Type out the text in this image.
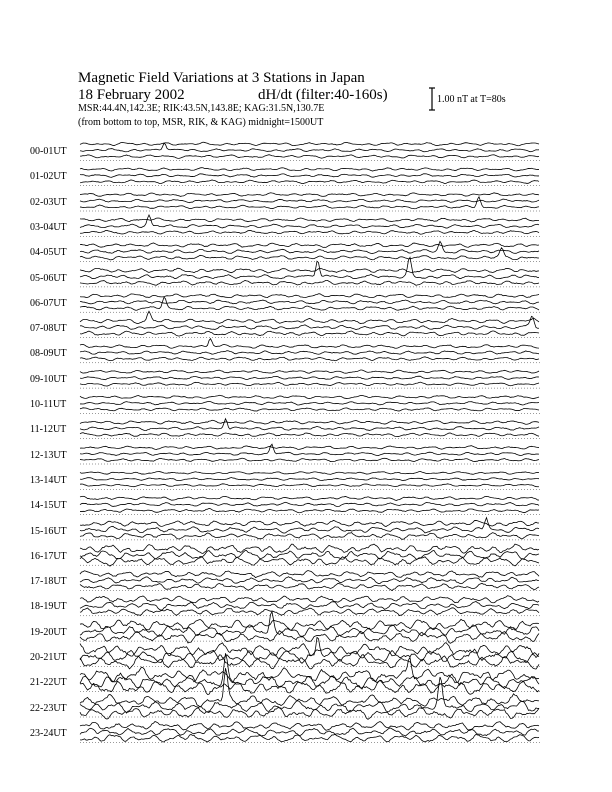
Magnetic Field Variations at 3 Stations in Japan
18 February 2002	dH/dt (filter:40-160s)
MSR:44.4N,142.3E; RIK:43.5N,143.8E; KAG:31.5N,130.7E
(from bottom to top, MSR, RIK, & KAG) midnight=1500UT
1.00 nT at T=80s
00-01UT
01-02UT
02-03UT
03-04UT
04-05UT
05-06UT
06-07UT
07-08UT
08-09UT
09-10UT
10-11UT
11-12UT
12-13UT
13-14UT
14-15UT
15-16UT
16-17UT
17-18UT
18-19UT
19-20UT
20-21UT
21-22UT
22-23UT
23-24UT
